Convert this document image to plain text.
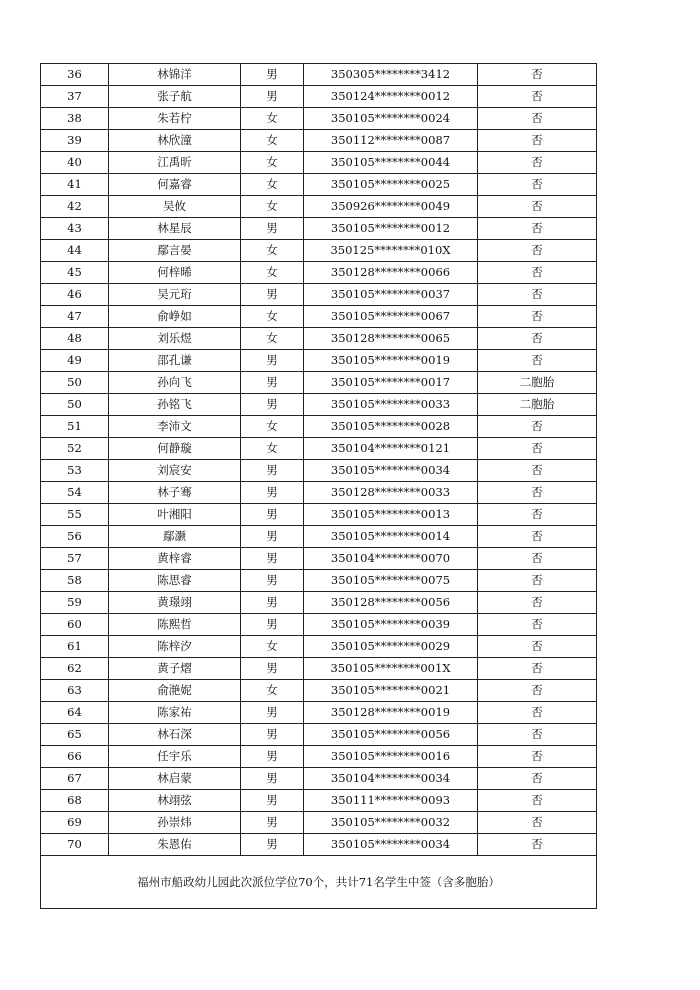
36	林锦洋	男	350305********3412	否
37	张子航	男	350124********0012	否
38	朱若柠	女	350105********0024	否
39	林欣潼	女	350112********0087	否
40	江禹昕	女	350105********0044	否
41	何嘉睿	女	350105********0025	否
42	吴攸	女	350926********0049	否
43	林星辰	男	350105********0012	否
44	鄢言晏	女	350125********010X	否
45	何梓晞	女	350128********0066	否
46	吴元珩	男	350105********0037	否
47	俞峥如	女	350105********0067	否
48	刘乐煜	女	350128********0065	否
49	邵孔谦	男	350105********0019	否
50	孙向飞	男	350105********0017	二胞胎
50	孙铭飞	男	350105********0033	二胞胎
51	李沛文	女	350105********0028	否
52	何静璇	女	350104********0121	否
53	刘宸安	男	350105********0034	否
54	林子骞	男	350128********0033	否
55	叶湘阳	男	350105********0013	否
56	鄢灏	男	350105********0014	否
57	黄梓睿	男	350104********0070	否
58	陈思睿	男	350105********0075	否
59	黄璟翊	男	350128********0056	否
60	陈熙哲	男	350105********0039	否
61	陈梓汐	女	350105********0029	否
62	黄子熠	男	350105********001X	否
63	俞滟妮	女	350105********0021	否
64	陈家祐	男	350128********0019	否
65	林石深	男	350105********0056	否
66	任宇乐	男	350105********0016	否
67	林启蒙	男	350104********0034	否
68	林翊弦	男	350111********0093	否
69	孙崇炜	男	350105********0032	否
70	朱恩佑	男	350105********0034	否
福州市船政幼儿园此次派位学位70个，共计71名学生中签（含多胞胎）				
